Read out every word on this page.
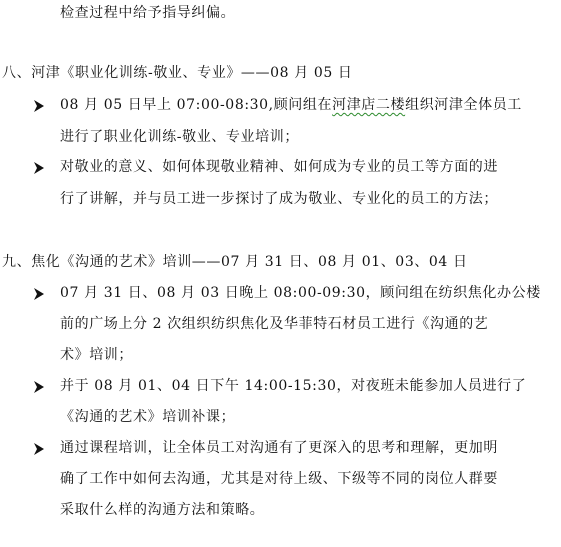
检查过程中给予指导纠偏。
八、河津《职业化训练-敬业、专业》——08 月 05 日
08 月 05 日早上 07:00-08:30,顾问组在河津店二楼组织河津全体员工
进行了职业化训练-敬业、专业培训；
对敬业的意义、如何体现敬业精神、如何成为专业的员工等方面的进
行了讲解，并与员工进一步探讨了成为敬业、专业化的员工的方法；
九、焦化《沟通的艺术》培训——07 月 31 日、08 月 01、03、04 日
07 月 31 日、08 月 03 日晚上 08:00-09:30，顾问组在纺织焦化办公楼
前的广场上分 2 次组织纺织焦化及华菲特石材员工进行《沟通的艺
术》培训；
并于 08 月 01、04 日下午 14:00-15:30，对夜班未能参加人员进行了
《沟通的艺术》培训补课；
通过课程培训，让全体员工对沟通有了更深入的思考和理解，更加明
确了工作中如何去沟通，尤其是对待上级、下级等不同的岗位人群要
采取什么样的沟通方法和策略。
